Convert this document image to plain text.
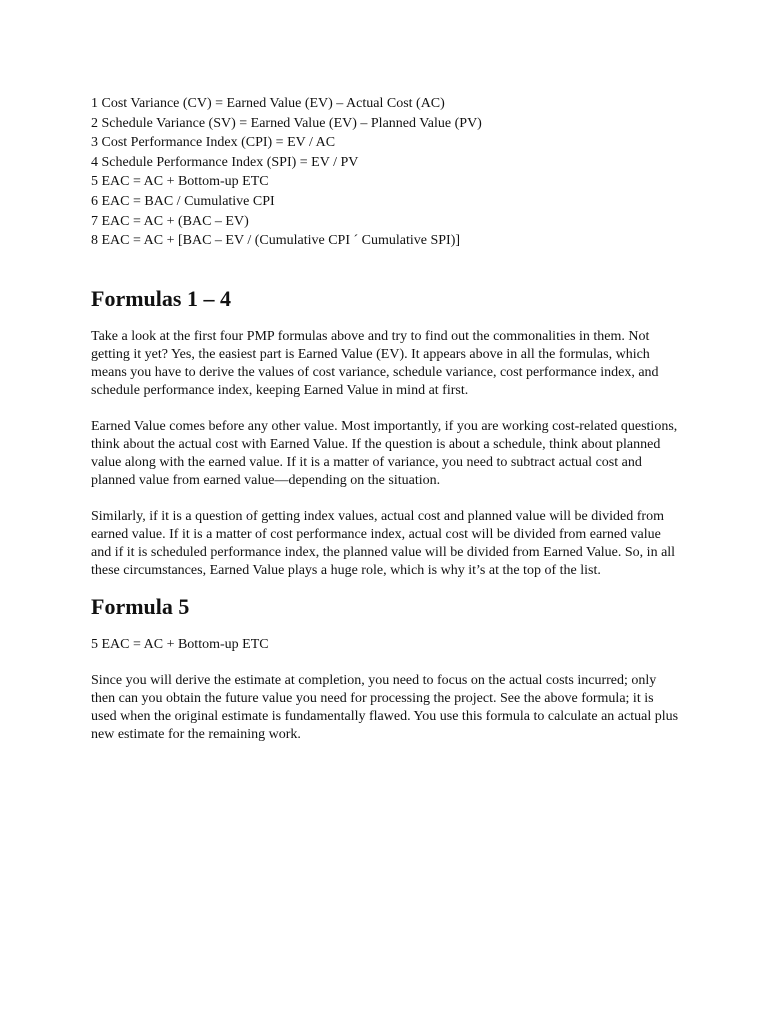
1 Cost Variance (CV) = Earned Value (EV) – Actual Cost (AC)
2 Schedule Variance (SV) = Earned Value (EV) – Planned Value (PV)
3 Cost Performance Index (CPI) = EV / AC
4 Schedule Performance Index (SPI) = EV / PV
5 EAC = AC + Bottom-up ETC
6 EAC = BAC / Cumulative CPI
7 EAC = AC + (BAC – EV)
8 EAC = AC + [BAC – EV / (Cumulative CPI ´ Cumulative SPI)]
Formulas 1 – 4

Take a look at the first four PMP formulas above and try to find out the commonalities in them. Not getting it yet? Yes, the easiest part is Earned Value (EV). It appears above in all the formulas, which means you have to derive the values of cost variance, schedule variance, cost performance index, and schedule performance index, keeping Earned Value in mind at first.

Earned Value comes before any other value. Most importantly, if you are working cost-related questions, think about the actual cost with Earned Value. If the question is about a schedule, think about planned value along with the earned value. If it is a matter of variance, you need to subtract actual cost and planned value from earned value—depending on the situation.

Similarly, if it is a question of getting index values, actual cost and planned value will be divided from earned value. If it is a matter of cost performance index, actual cost will be divided from earned value and if it is scheduled performance index, the planned value will be divided from Earned Value. So, in all these circumstances, Earned Value plays a huge role, which is why it’s at the top of the list.

Formula 5

5 EAC = AC + Bottom-up ETC

Since you will derive the estimate at completion, you need to focus on the actual costs incurred; only then can you obtain the future value you need for processing the project. See the above formula; it is used when the original estimate is fundamentally flawed. You use this formula to calculate an actual plus new estimate for the remaining work.
